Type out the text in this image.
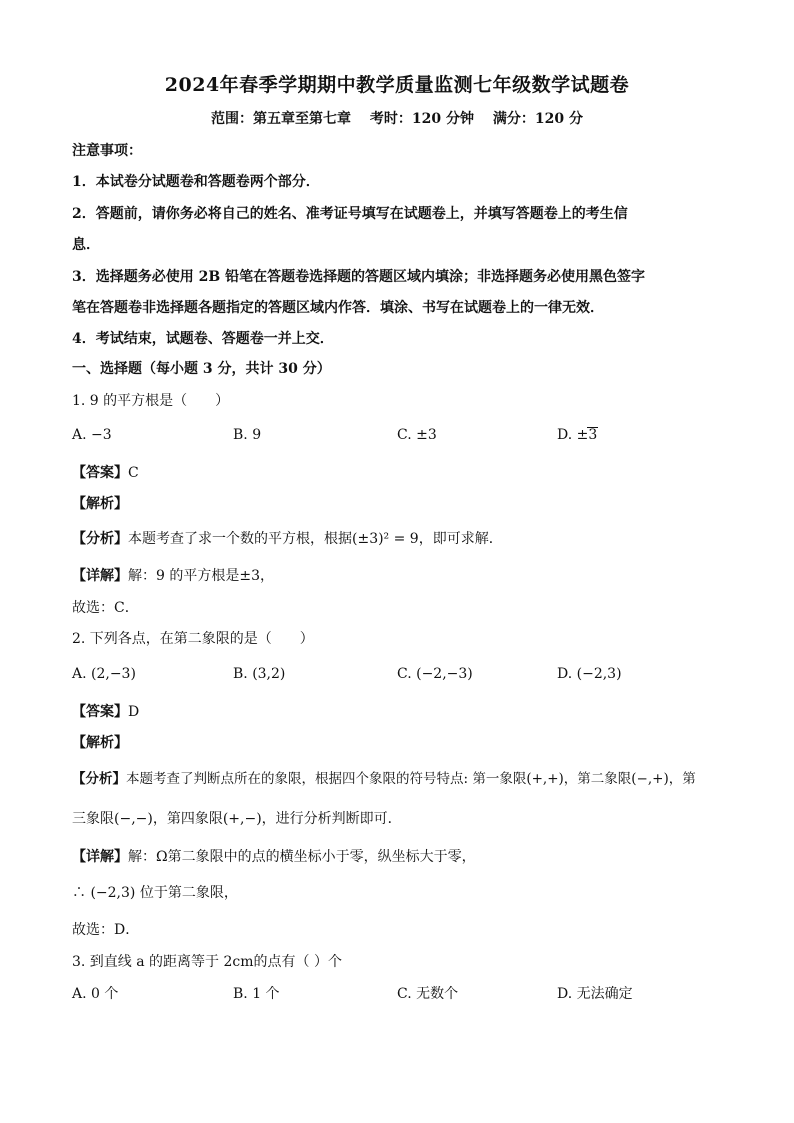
2024年春季学期期中教学质量监测七年级数学试题卷
范围：第五章至第七章 考时：120 分钟 满分：120 分
注意事项：
1．本试卷分试题卷和答题卷两个部分．
2．答题前，请你务必将自己的姓名、准考证号填写在试题卷上，并填写答题卷上的考生信
息．
3．选择题务必使用 2B 铅笔在答题卷选择题的答题区域内填涂；非选择题务必使用黑色签字
笔在答题卷非选择题各题指定的答题区域内作答．填涂、书写在试题卷上的一律无效．
4．考试结束，试题卷、答题卷一并上交．
一、选择题（每小题 3 分，共计 30 分）
1. 9 的平方根是（　　）
A. −3	B. 9	C. ±3	D. ±3
【答案】C
【解析】
【分析】本题考查了求一个数的平方根，根据(±3)² = 9，即可求解．
【详解】解：9 的平方根是±3，
故选：C．
2. 下列各点，在第二象限的是（　　）
A. (2,−3)	B. (3,2)	C. (−2,−3)	D. (−2,3)
【答案】D
【解析】
【分析】本题考查了判断点所在的象限，根据四个象限的符号特点: 第一象限(+,+)，第二象限(−,+)，第
三象限(−,−)，第四象限(+,−)，进行分析判断即可．
【详解】解：Ω第二象限中的点的横坐标小于零，纵坐标大于零，
∴ (−2,3) 位于第二象限，
故选：D．
3. 到直线 a 的距离等于 2cm的点有（ ）个
A. 0 个	B. 1 个	C. 无数个	D. 无法确定
